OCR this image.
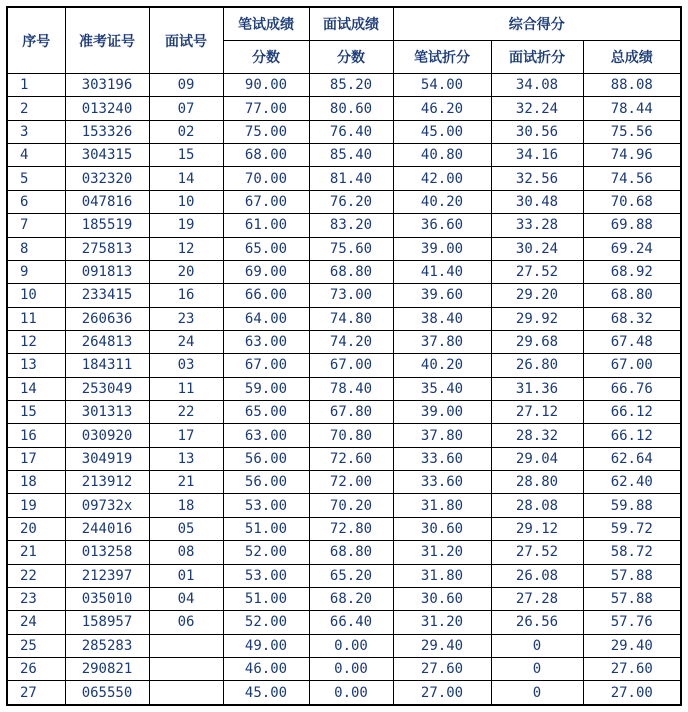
序号	准考证号	面试号	笔试成绩	面试成绩	综合得分		
			分数	分数	笔试折分	面试折分	总成绩
1	303196	09	90.00	85.20	54.00	34.08	88.08
2	013240	07	77.00	80.60	46.20	32.24	78.44
3	153326	02	75.00	76.40	45.00	30.56	75.56
4	304315	15	68.00	85.40	40.80	34.16	74.96
5	032320	14	70.00	81.40	42.00	32.56	74.56
6	047816	10	67.00	76.20	40.20	30.48	70.68
7	185519	19	61.00	83.20	36.60	33.28	69.88
8	275813	12	65.00	75.60	39.00	30.24	69.24
9	091813	20	69.00	68.80	41.40	27.52	68.92
10	233415	16	66.00	73.00	39.60	29.20	68.80
11	260636	23	64.00	74.80	38.40	29.92	68.32
12	264813	24	63.00	74.20	37.80	29.68	67.48
13	184311	03	67.00	67.00	40.20	26.80	67.00
14	253049	11	59.00	78.40	35.40	31.36	66.76
15	301313	22	65.00	67.80	39.00	27.12	66.12
16	030920	17	63.00	70.80	37.80	28.32	66.12
17	304919	13	56.00	72.60	33.60	29.04	62.64
18	213912	21	56.00	72.00	33.60	28.80	62.40
19	09732x	18	53.00	70.20	31.80	28.08	59.88
20	244016	05	51.00	72.80	30.60	29.12	59.72
21	013258	08	52.00	68.80	31.20	27.52	58.72
22	212397	01	53.00	65.20	31.80	26.08	57.88
23	035010	04	51.00	68.20	30.60	27.28	57.88
24	158957	06	52.00	66.40	31.20	26.56	57.76
25	285283		49.00	0.00	29.40	0	29.40
26	290821		46.00	0.00	27.60	0	27.60
27	065550		45.00	0.00	27.00	0	27.00
